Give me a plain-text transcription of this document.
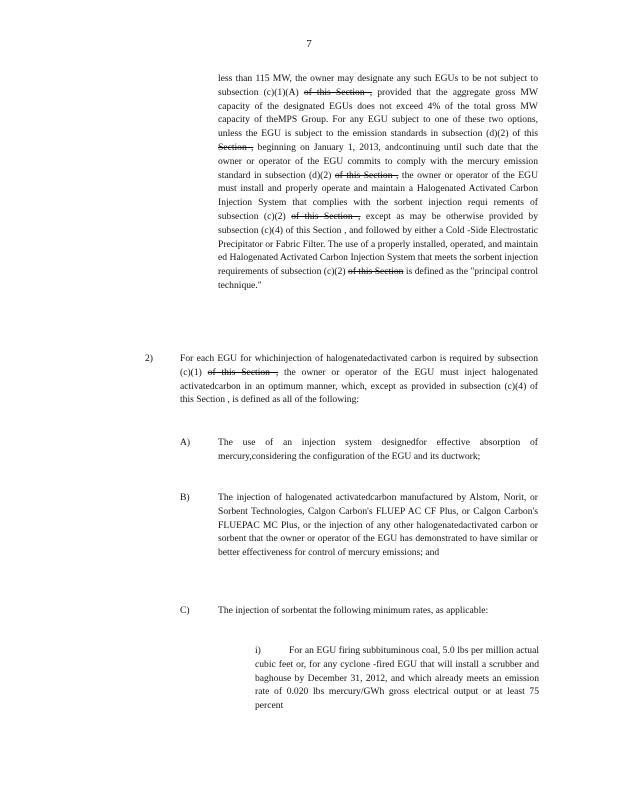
7
less than 115 MW, the owner may designate any such EGUs to be not subject to subsection (c)(1)(A) of this Section , provided that the aggregate gross MW capacity of the designated EGUs does not exceed 4% of the total gross MW capacity of theMPS Group. For any EGU subject to one of these two options, unless the EGU is subject to the emission standards in subsection (d)(2) of this Section , beginning on January 1, 2013, andcontinuing until such date that the owner or operator of the EGU commits to comply with the mercury emission standard in subsection (d)(2) of this Section , the owner or operator of the EGU must install and properly operate and maintain a Halogenated Activated Carbon Injection System that complies with the sorbent injection requi rements of subsection (c)(2) of this Section , except as may be otherwise provided by subsection (c)(4) of this Section , and followed by either a Cold -Side Electrostatic Precipitator or Fabric Filter. The use of a properly installed, operated, and maintain ed Halogenated Activated Carbon Injection System that meets the sorbent injection requirements of subsection (c)(2) of this Section is defined as the "principal control technique."
2)	For each EGU for whichinjection of halogenatedactivated carbon is required by subsection (c)(1) of this Section , the owner or operator of the EGU must inject halogenated activatedcarbon in an optimum manner, which, except as provided in subsection (c)(4) of this Section , is defined as all of the following:
A)	The use of an injection system designedfor effective absorption of mercury,considering the configuration of the EGU and its ductwork;
B)	The injection of halogenated activatedcarbon manufactured by Alstom, Norit, or Sorbent Technologies, Calgon Carbon's FLUEP AC CF Plus, or Calgon Carbon's FLUEPAC MC Plus, or the injection of any other halogenatedactivated carbon or sorbent that the owner or operator of the EGU has demonstrated to have similar or better effectiveness for control of mercury emissions; and
C)	The injection of sorbentat the following minimum rates, as applicable:
i)	For an EGU firing subbituminous coal, 5.0 lbs per million actual cubic feet or, for any cyclone -fired EGU that will install a scrubber and baghouse by December 31, 2012, and which already meets an emission rate of 0.020 lbs mercury/GWh gross electrical output or at least 75 percent
